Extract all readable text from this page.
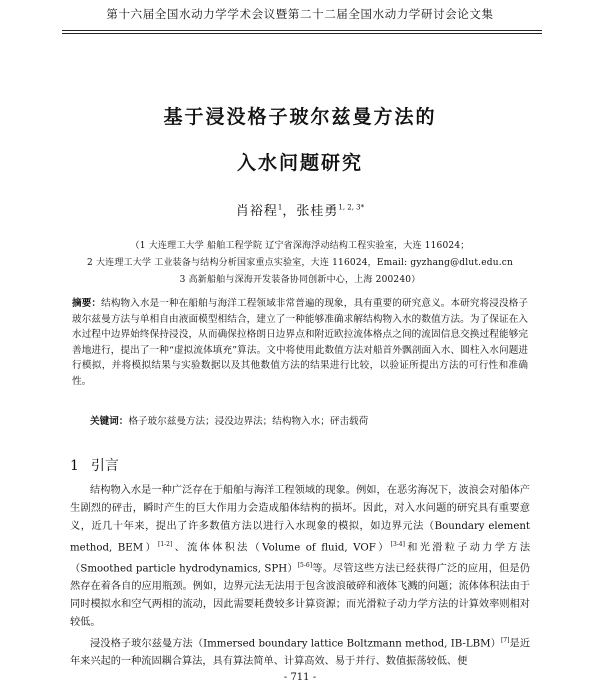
第十六届全国水动力学学术会议暨第二十二届全国水动力学研讨会论文集
基于浸没格子玻尔兹曼方法的
入水问题研究
肖裕程$^1$，张桂勇$^{1, 2, 3*}$
（1 大连理工大学 船舶工程学院 辽宁省深海浮动结构工程实验室，大连 116024；
2 大连理工大学 工业装备与结构分析国家重点实验室，大连 116024，Email: gyzhang@dlut.edu.cn
3 高新船舶与深海开发装备协同创新中心，上海 200240）
摘要：结构物入水是一种在船舶与海洋工程领域非常普遍的现象，具有重要的研究意义。本研究将浸没格子玻尔兹曼方法与单相自由液面模型相结合，建立了一种能够准确求解结构物入水的数值方法。为了保证在入水过程中边界始终保持浸没，从而确保拉格朗日边界点和附近欧拉流体格点之间的流固信息交换过程能够完善地进行，提出了一种“虚拟流体填充”算法。文中将使用此数值方法对船首外飘剖面入水、圆柱入水问题进行模拟，并将模拟结果与实验数据以及其他数值方法的结果进行比较，以验证所提出方法的可行性和准确性。
关键词：格子玻尔兹曼方法；浸没边界法；结构物入水；砰击载荷
1 引言

结构物入水是一种广泛存在于船舶与海洋工程领域的现象。例如，在恶劣海况下，波浪会对船体产生剧烈的砰击，瞬时产生的巨大作用力会造成船体结构的损坏。因此，对入水问题的研究具有重要意义，近几十年来，提出了许多数值方法以进行入水现象的模拟，如边界元法（Boundary element method, BEM）[1-2]、流体体积法（Volume of fluid, VOF）[3-4]和光滑粒子动力学方法（Smoothed particle hydrodynamics, SPH）[5-6]等。尽管这些方法已经获得广泛的应用，但是仍然存在着各自的应用瓶颈。例如，边界元法无法用于包含波浪破碎和液体飞溅的问题；流体体积法由于同时模拟水和空气两相的流动，因此需要耗费较多计算资源；而光滑粒子动力学方法的计算效率则相对较低。

浸没格子玻尔兹曼方法（Immersed boundary lattice Boltzmann method, IB-LBM）[7]是近年来兴起的一种流固耦合算法，具有算法简单、计算高效、易于并行、数值振荡较低、便

- 711 -
